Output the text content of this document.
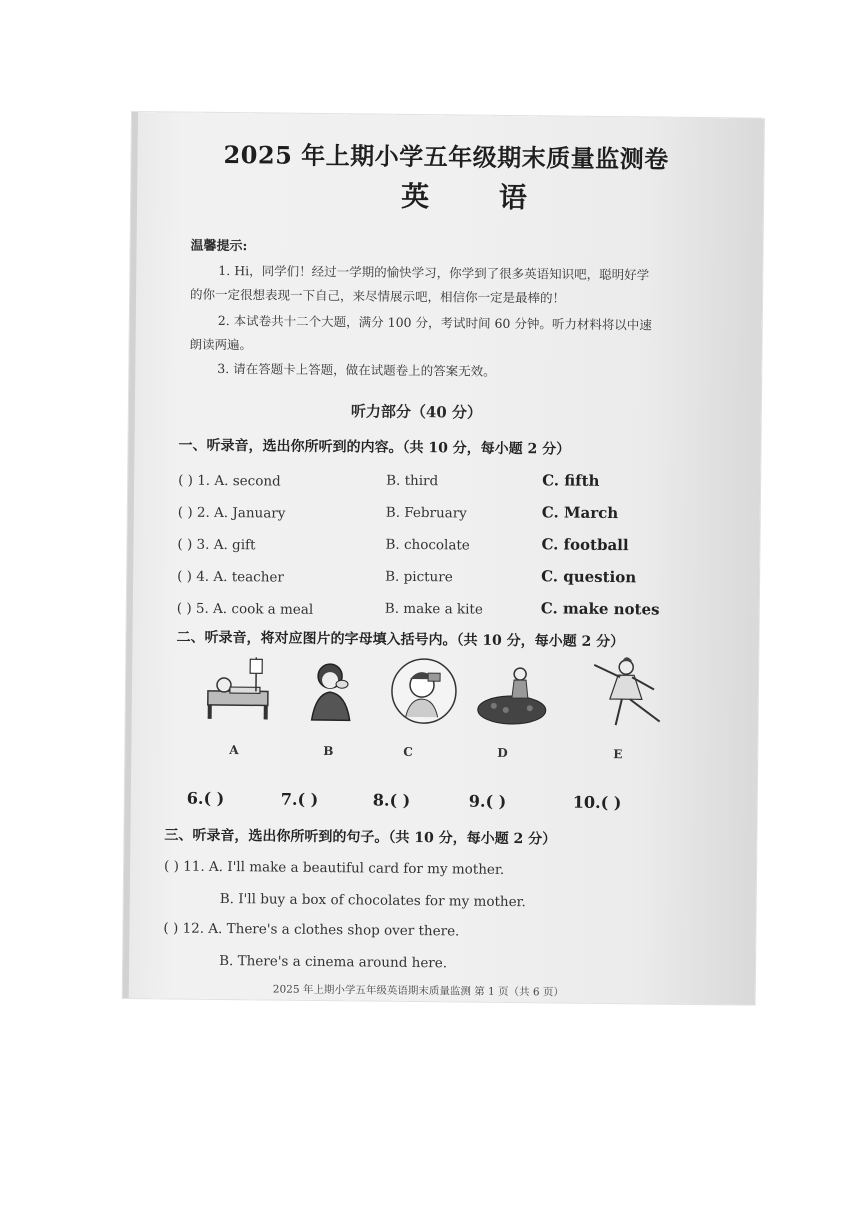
2025 年上期小学五年级期末质量监测卷
英 语
温馨提示:
1. Hi，同学们！经过一学期的愉快学习，你学到了很多英语知识吧，聪明好学
的你一定很想表现一下自己，来尽情展示吧，相信你一定是最棒的！
2. 本试卷共十二个大题，满分 100 分，考试时间 60 分钟。听力材料将以中速
朗读两遍。
3. 请在答题卡上答题，做在试题卷上的答案无效。
听力部分（40 分）
一、听录音，选出你所听到的内容。（共 10 分，每小题 2 分）
( ) 1. A. second	B. third	C. fifth
( ) 2. A. January	B. February	C. March
( ) 3. A. gift	B. chocolate	C. football
( ) 4. A. teacher	B. picture	C. question
( ) 5. A. cook a meal	B. make a kite	C. make notes
二、听录音，将对应图片的字母填入括号内。（共 10 分，每小题 2 分）
A	B	C	D	E
6.( )	7.( )	8.( )	9.( )	10.( )
三、听录音，选出你所听到的句子。（共 10 分，每小题 2 分）
( ) 11. A. I'll make a beautiful card for my mother.
B. I'll buy a box of chocolates for my mother.
( ) 12. A. There's a clothes shop over there.
B. There's a cinema around here.
2025 年上期小学五年级英语期末质量监测 第 1 页（共 6 页）
